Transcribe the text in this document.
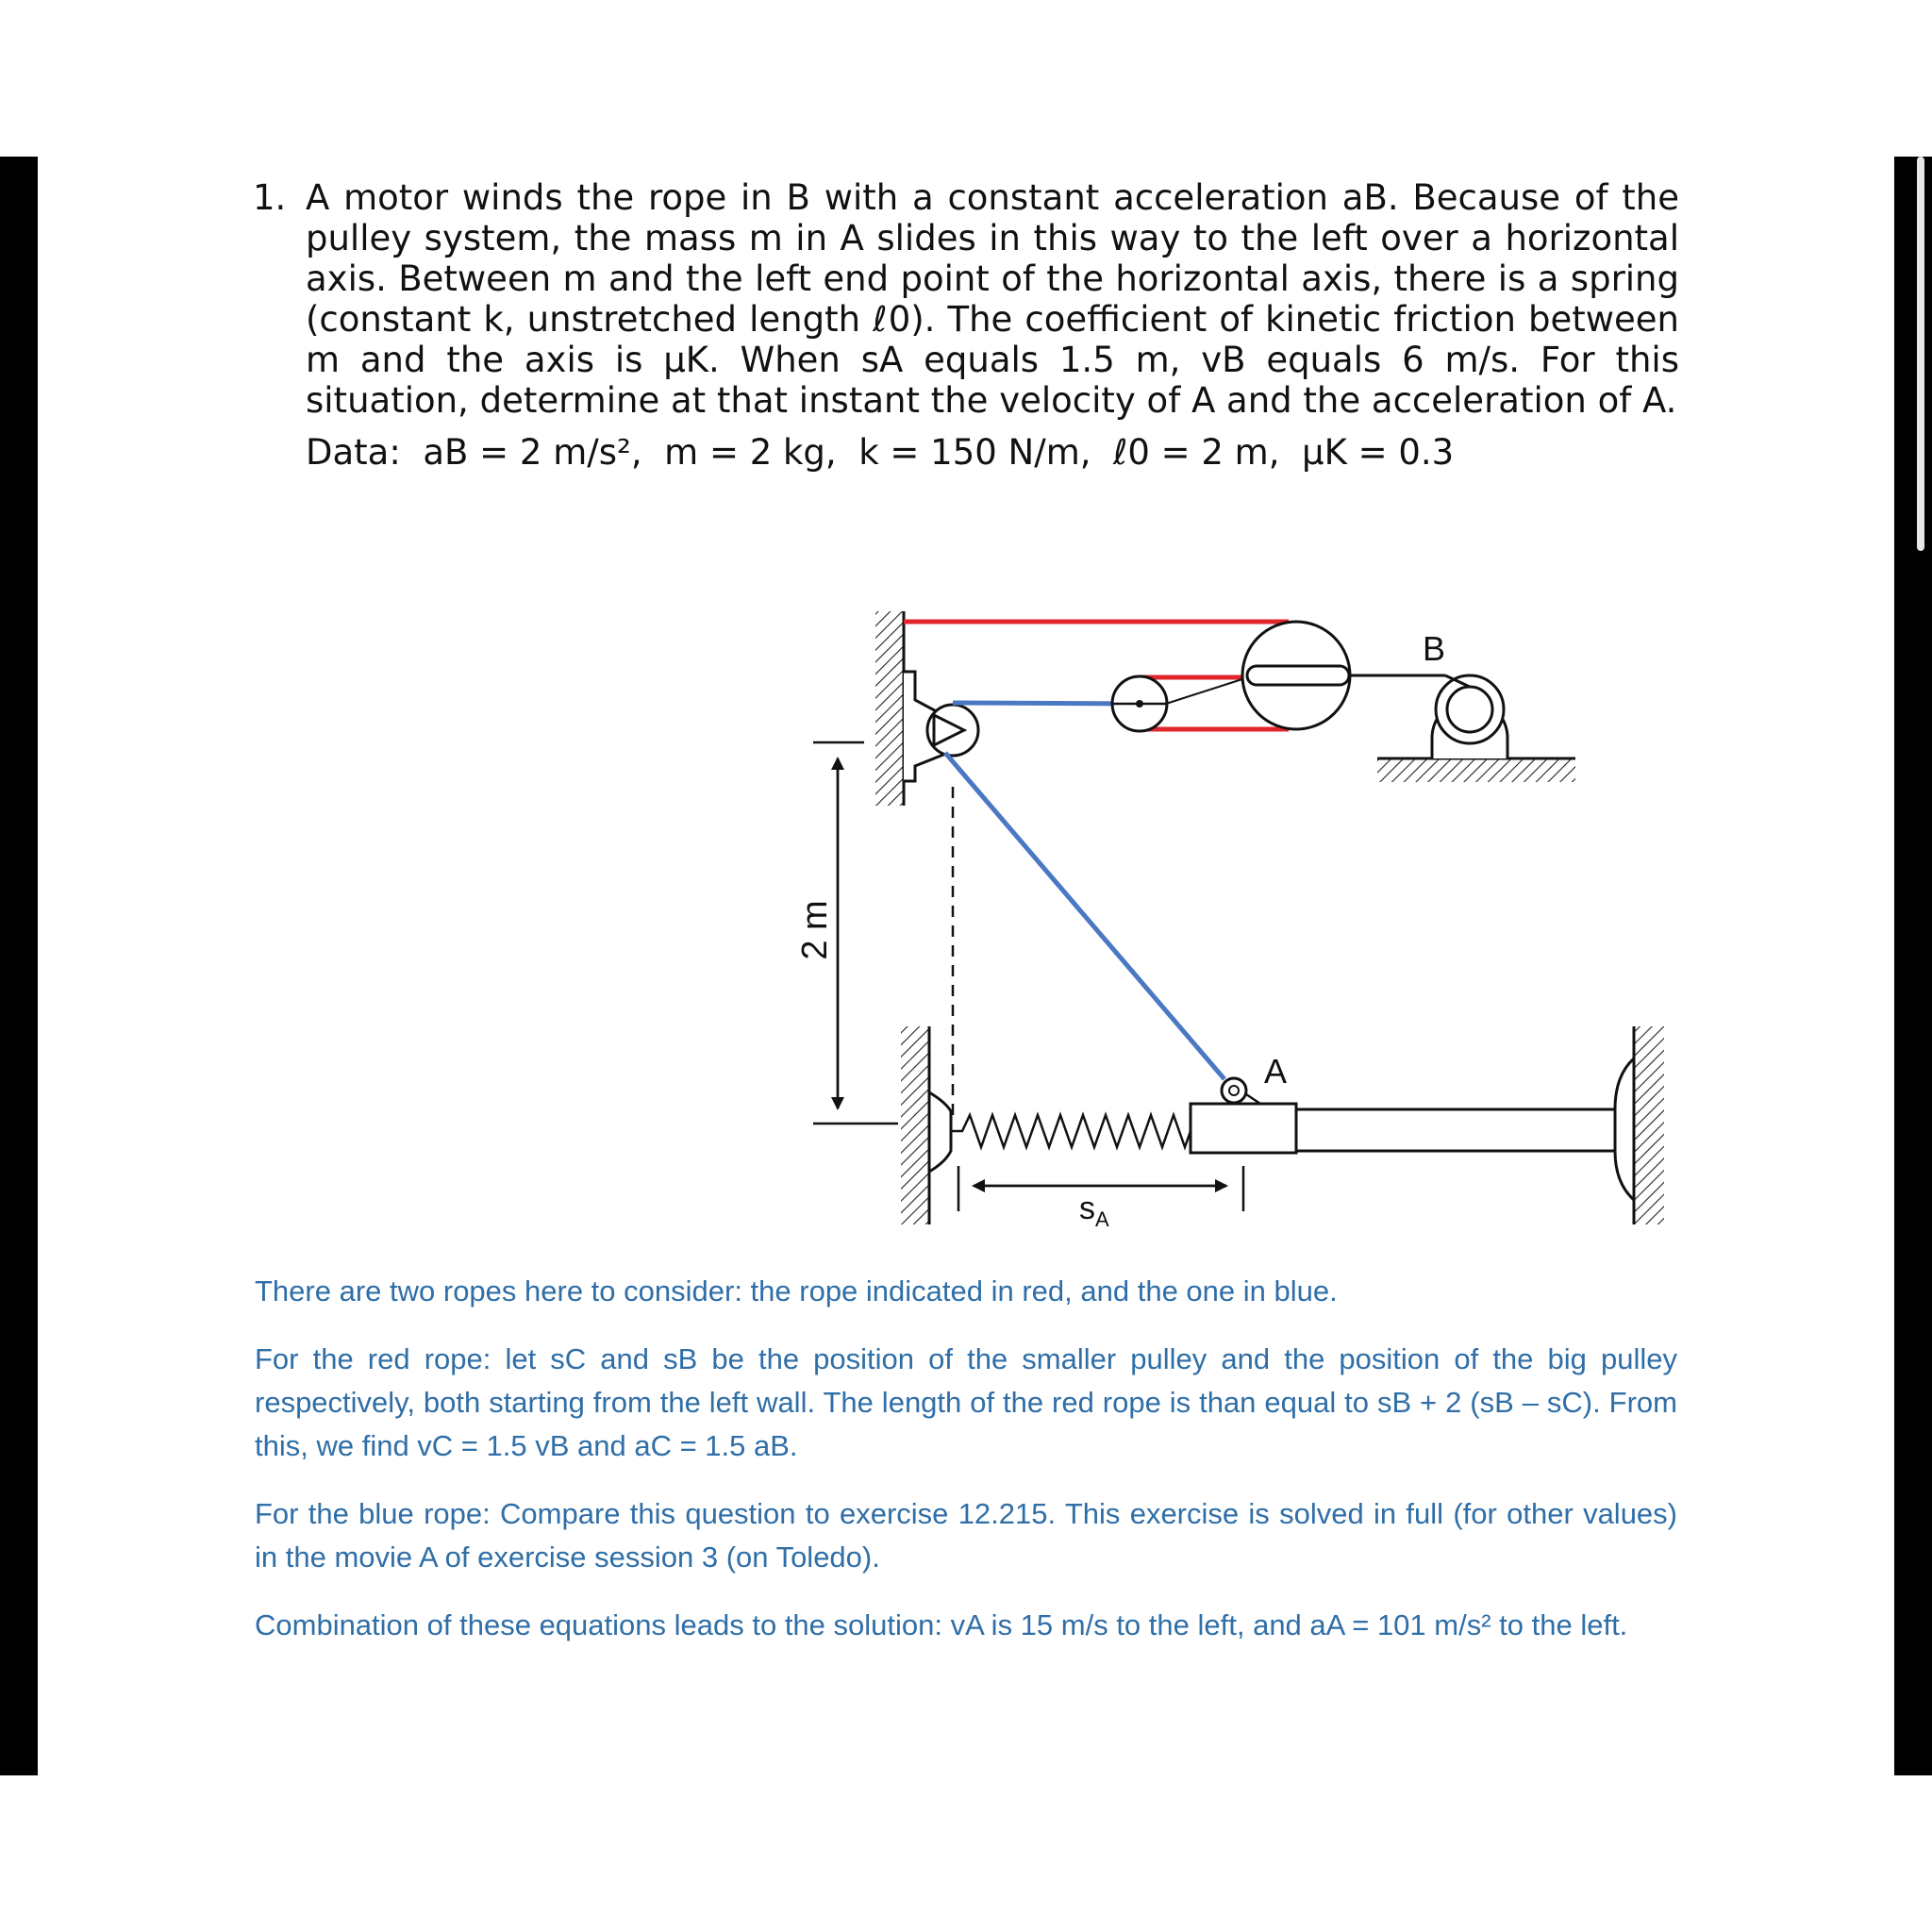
1. A motor winds the rope in B with a constant acceleration aB. Because of the pulley system, the mass m in A slides in this way to the left over a horizontal axis. Between m and the left end point of the horizontal axis, there is a spring (constant k, unstretched length ℓ0). The coefficient of kinetic friction between m and the axis is μK. When sA equals 1.5 m, vB equals 6 m/s. For this situation, determine at that instant the velocity of A and the acceleration of A.
Data: aB = 2 m/s², m = 2 kg, k = 150 N/m, ℓ0 = 2 m, μK = 0.3
2 m
$s_A$
B
A

There are two ropes here to consider: the rope indicated in red, and the one in blue.

For the red rope: let sC and sB be the position of the smaller pulley and the position of the big pulley respectively, both starting from the left wall. The length of the red rope is than equal to sB + 2 (sB – sC). From this, we find vC = 1.5 vB and aC = 1.5 aB.

For the blue rope: Compare this question to exercise 12.215. This exercise is solved in full (for other values) in the movie A of exercise session 3 (on Toledo).

Combination of these equations leads to the solution: vA is 15 m/s to the left, and aA = 101 m/s² to the left.
